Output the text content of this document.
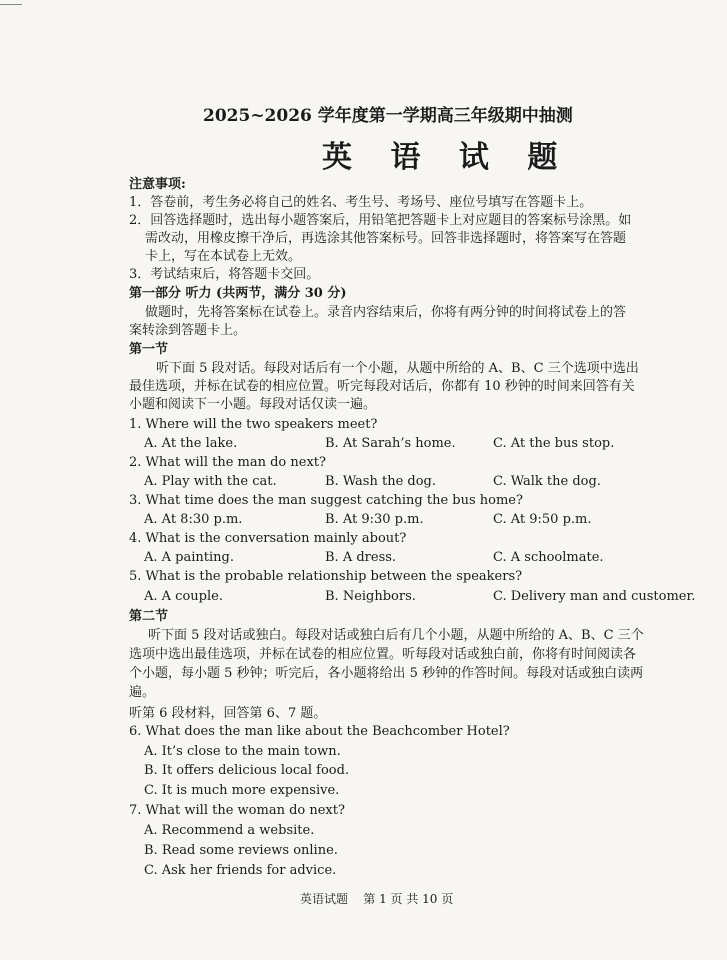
2025~2026 学年度第一学期高三年级期中抽测
英 语 试 题
注意事项:
1．答卷前，考生务必将自己的姓名、考生号、考场号、座位号填写在答题卡上。
2．回答选择题时，选出每小题答案后，用铅笔把答题卡上对应题目的答案标号涂黑。如
需改动，用橡皮擦干净后，再选涂其他答案标号。回答非选择题时，将答案写在答题
卡上，写在本试卷上无效。
3．考试结束后，将答题卡交回。
第一部分 听力 (共两节，满分 30 分)
做题时，先将答案标在试卷上。录音内容结束后，你将有两分钟的时间将试卷上的答
案转涂到答题卡上。
第一节
听下面 5 段对话。每段对话后有一个小题，从题中所给的 A、B、C 三个选项中选出
最佳选项，并标在试卷的相应位置。听完每段对话后，你都有 10 秒钟的时间来回答有关
小题和阅读下一小题。每段对话仅读一遍。
1. Where will the two speakers meet?
A. At the lake.	B. At Sarah’s home.	C. At the bus stop.
2. What will the man do next?
A. Play with the cat.	B. Wash the dog.	C. Walk the dog.
3. What time does the man suggest catching the bus home?
A. At 8:30 p.m.	B. At 9:30 p.m.	C. At 9:50 p.m.
4. What is the conversation mainly about?
A. A painting.	B. A dress.	C. A schoolmate.
5. What is the probable relationship between the speakers?
A. A couple.	B. Neighbors.	C. Delivery man and customer.
第二节
听下面 5 段对话或独白。每段对话或独白后有几个小题，从题中所给的 A、B、C 三个
选项中选出最佳选项，并标在试卷的相应位置。听每段对话或独白前，你将有时间阅读各
个小题，每小题 5 秒钟；听完后，各小题将给出 5 秒钟的作答时间。每段对话或独白读两
遍。
听第 6 段材料，回答第 6、7 题。
6. What does the man like about the Beachcomber Hotel?
A. It’s close to the main town.
B. It offers delicious local food.
C. It is much more expensive.
7. What will the woman do next?
A. Recommend a website.
B. Read some reviews online.
C. Ask her friends for advice.
英语试题    第 1 页 共 10 页
